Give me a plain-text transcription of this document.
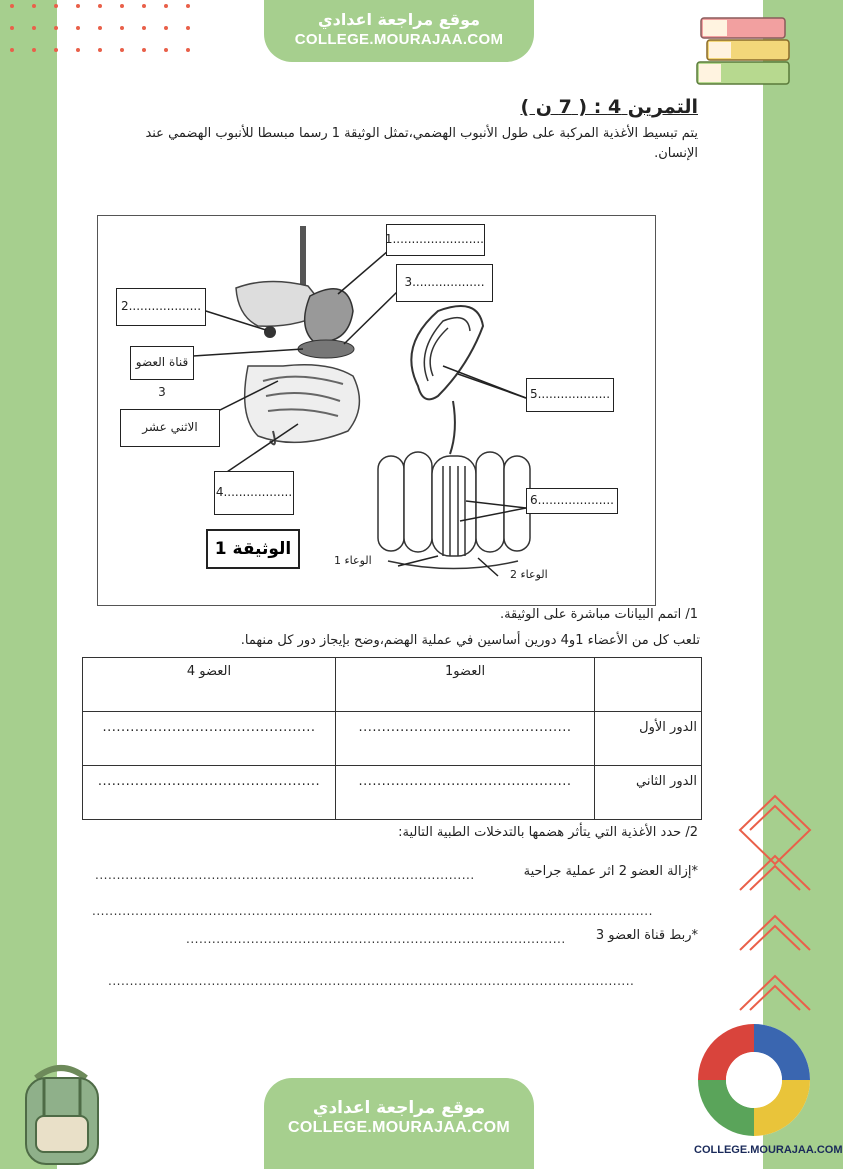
موقع مراجعة اعدادي
COLLEGE.MOURAJAA.COM
التمرين 4 : ( 7 ن )
يتم تبسيط الأغذية المركبة على طول الأنبوب الهضمي،تمثل الوثيقة 1 رسما مبسطا للأنبوب الهضمي عند الإنسان.
........................1
...................2
...................3
قناة العضو 3
الاثني عشر
..................4
...................5
....................6
الوثيقة 1
الوعاء 1
الوعاء 2
1/ اتمم البيانات مباشرة على الوثيقة.
تلعب كل من الأعضاء 1و4 دورين أساسين في عملية الهضم،وضح بإيجاز دور كل منهما.
	العضو1	العضو 4
الدور الأول	..............................................	..............................................
الدور الثاني	..............................................	................................................
2/ حدد الأغذية التي يتأثر هضمها بالتدخلات الطبية التالية:
*إزالة العضو 2 اثر عملية جراحية
........................................................................................
..................................................................................................................................
*ربط قناة العضو 3
........................................................................................
..........................................................................................................................
موقع مراجعة اعدادي
COLLEGE.MOURAJAA.COM
COLLEGE.MOURAJAA.COM
